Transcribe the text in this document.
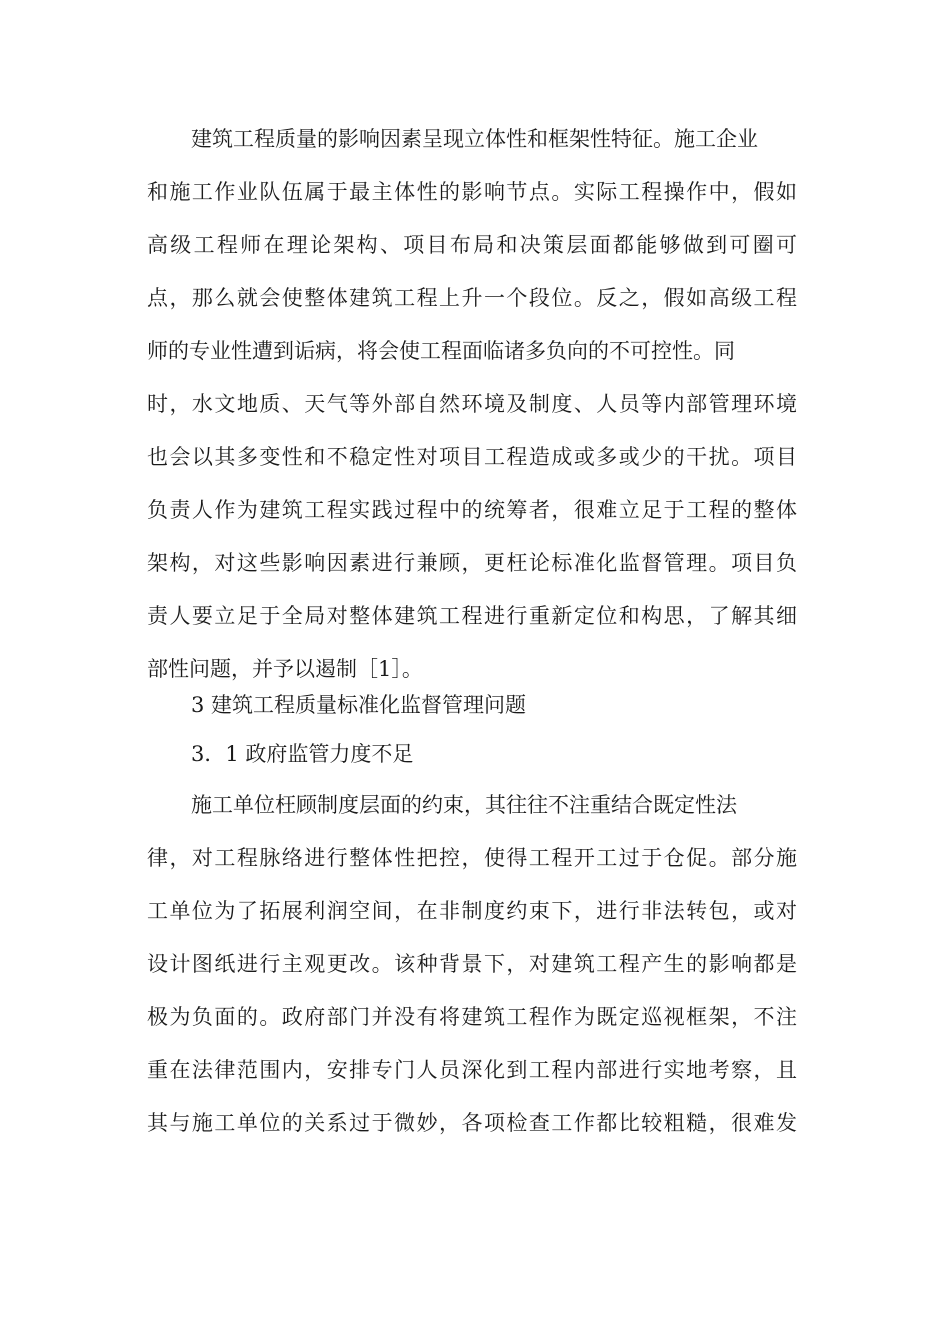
建筑工程质量的影响因素呈现立体性和框架性特征。施工企业
和施工作业队伍属于最主体性的影响节点。实际工程操作中，假如
高级工程师在理论架构、项目布局和决策层面都能够做到可圈可
点，那么就会使整体建筑工程上升一个段位。反之，假如高级工程
师的专业性遭到诟病，将会使工程面临诸多负向的不可控性。同
时，水文地质、天气等外部自然环境及制度、人员等内部管理环境
也会以其多变性和不稳定性对项目工程造成或多或少的干扰。项目
负责人作为建筑工程实践过程中的统筹者，很难立足于工程的整体
架构，对这些影响因素进行兼顾，更枉论标准化监督管理。项目负
责人要立足于全局对整体建筑工程进行重新定位和构思，了解其细
部性问题，并予以遏制［1］。
3 建筑工程质量标准化监督管理问题
3．1 政府监管力度不足
施工单位枉顾制度层面的约束，其往往不注重结合既定性法
律，对工程脉络进行整体性把控，使得工程开工过于仓促。部分施
工单位为了拓展利润空间，在非制度约束下，进行非法转包，或对
设计图纸进行主观更改。该种背景下，对建筑工程产生的影响都是
极为负面的。政府部门并没有将建筑工程作为既定巡视框架，不注
重在法律范围内，安排专门人员深化到工程内部进行实地考察，且
其与施工单位的关系过于微妙，各项检查工作都比较粗糙，很难发
